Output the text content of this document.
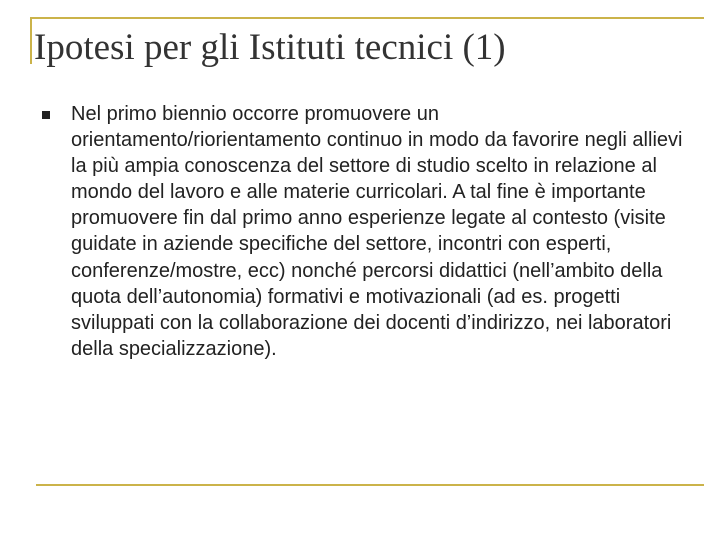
Ipotesi per gli Istituti tecnici (1)

Nel primo biennio occorre promuovere un orientamento/riorientamento continuo in modo da favorire negli allievi la più ampia conoscenza del settore di studio scelto in relazione al mondo del lavoro e alle materie curricolari. A tal fine è importante promuovere fin dal primo anno esperienze legate al contesto (visite guidate in aziende specifiche del settore, incontri con esperti, conferenze/mostre, ecc) nonché percorsi didattici (nell’ambito della quota dell’autonomia) formativi e motivazionali (ad es. progetti sviluppati con la collaborazione dei docenti d’indirizzo, nei laboratori della specializzazione).
